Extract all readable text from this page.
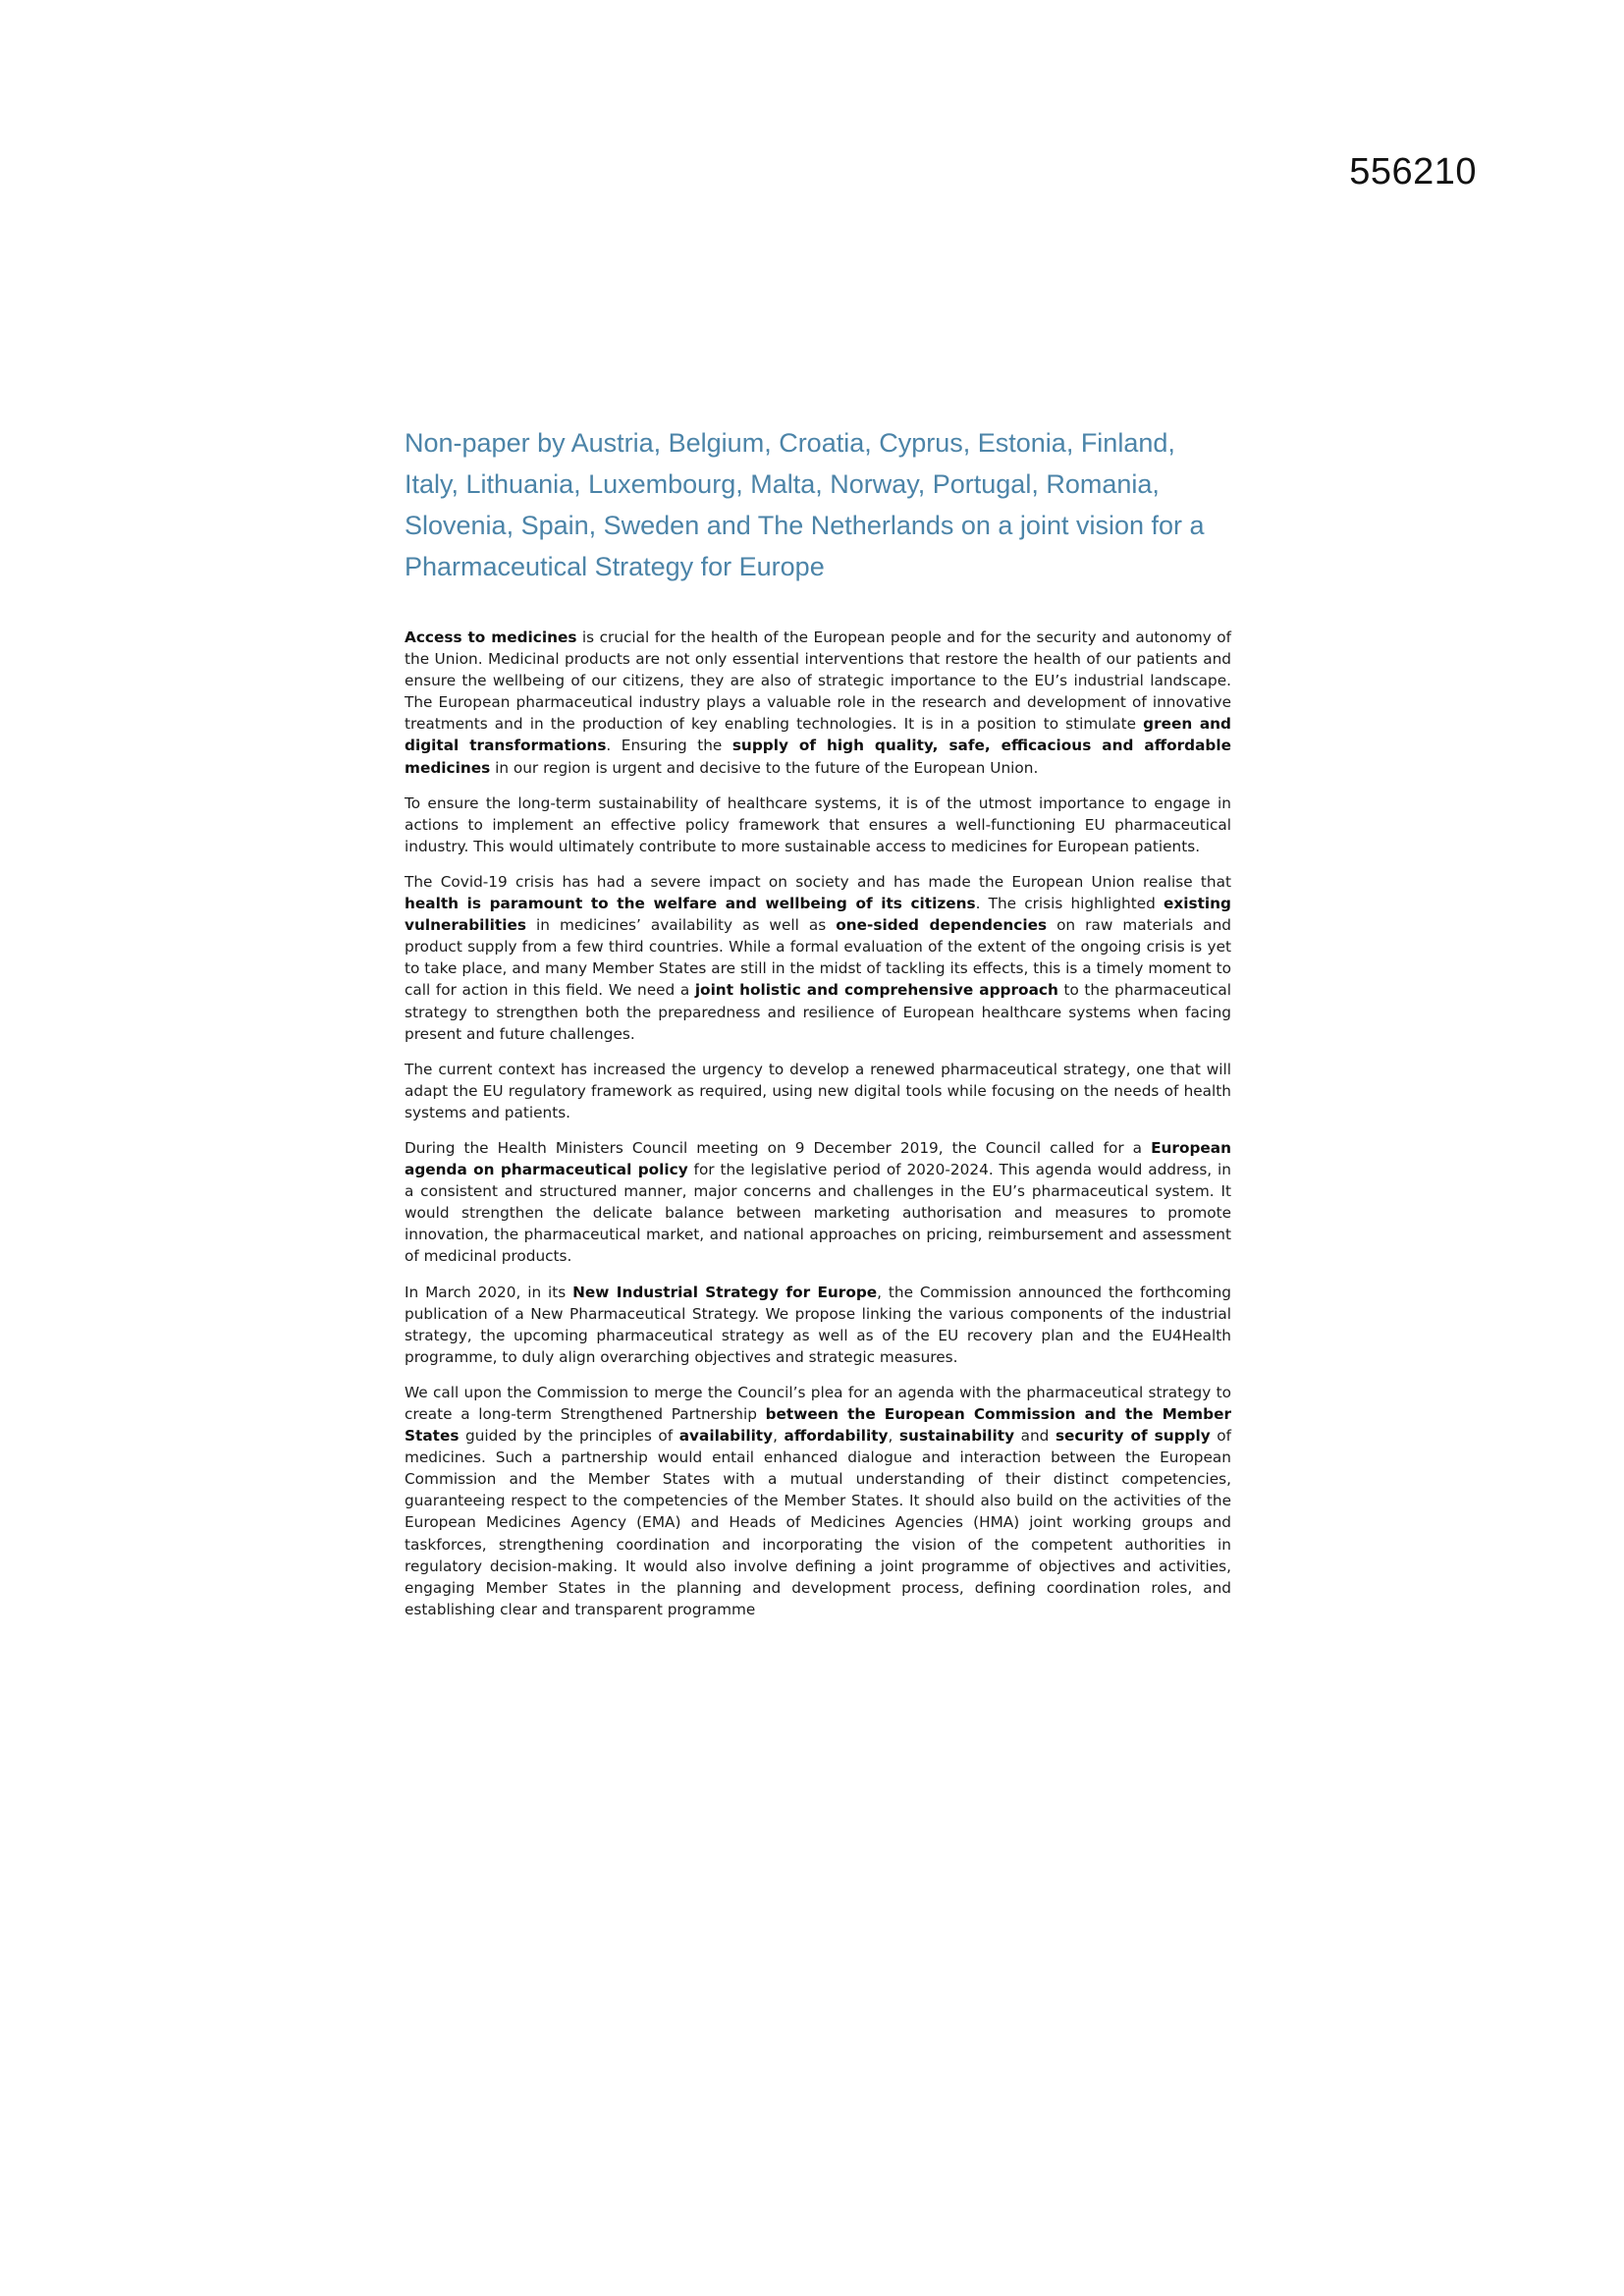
556210
Non-paper by Austria, Belgium, Croatia, Cyprus, Estonia, Finland, Italy, Lithuania, Luxembourg, Malta, Norway, Portugal, Romania, Slovenia, Spain, Sweden and The Netherlands on a joint vision for a Pharmaceutical Strategy for Europe

Access to medicines is crucial for the health of the European people and for the security and autonomy of the Union. Medicinal products are not only essential interventions that restore the health of our patients and ensure the wellbeing of our citizens, they are also of strategic importance to the EU’s industrial landscape. The European pharmaceutical industry plays a valuable role in the research and development of innovative treatments and in the production of key enabling technologies. It is in a position to stimulate green and digital transformations. Ensuring the supply of high quality, safe, efficacious and affordable medicines in our region is urgent and decisive to the future of the European Union.

To ensure the long-term sustainability of healthcare systems, it is of the utmost importance to engage in actions to implement an effective policy framework that ensures a well-functioning EU pharmaceutical industry. This would ultimately contribute to more sustainable access to medicines for European patients.

The Covid-19 crisis has had a severe impact on society and has made the European Union realise that health is paramount to the welfare and wellbeing of its citizens. The crisis highlighted existing vulnerabilities in medicines’ availability as well as one-sided dependencies on raw materials and product supply from a few third countries. While a formal evaluation of the extent of the ongoing crisis is yet to take place, and many Member States are still in the midst of tackling its effects, this is a timely moment to call for action in this field. We need a joint holistic and comprehensive approach to the pharmaceutical strategy to strengthen both the preparedness and resilience of European healthcare systems when facing present and future challenges.

The current context has increased the urgency to develop a renewed pharmaceutical strategy, one that will adapt the EU regulatory framework as required, using new digital tools while focusing on the needs of health systems and patients.

During the Health Ministers Council meeting on 9 December 2019, the Council called for a European agenda on pharmaceutical policy for the legislative period of 2020-2024. This agenda would address, in a consistent and structured manner, major concerns and challenges in the EU’s pharmaceutical system. It would strengthen the delicate balance between marketing authorisation and measures to promote innovation, the pharmaceutical market, and national approaches on pricing, reimbursement and assessment of medicinal products.

In March 2020, in its New Industrial Strategy for Europe, the Commission announced the forthcoming publication of a New Pharmaceutical Strategy. We propose linking the various components of the industrial strategy, the upcoming pharmaceutical strategy as well as of the EU recovery plan and the EU4Health programme, to duly align overarching objectives and strategic measures.

We call upon the Commission to merge the Council’s plea for an agenda with the pharmaceutical strategy to create a long-term Strengthened Partnership between the European Commission and the Member States guided by the principles of availability, affordability, sustainability and security of supply of medicines. Such a partnership would entail enhanced dialogue and interaction between the European Commission and the Member States with a mutual understanding of their distinct competencies, guaranteeing respect to the competencies of the Member States. It should also build on the activities of the European Medicines Agency (EMA) and Heads of Medicines Agencies (HMA) joint working groups and taskforces, strengthening coordination and incorporating the vision of the competent authorities in regulatory decision-making. It would also involve defining a joint programme of objectives and activities, engaging Member States in the planning and development process, defining coordination roles, and establishing clear and transparent programme
